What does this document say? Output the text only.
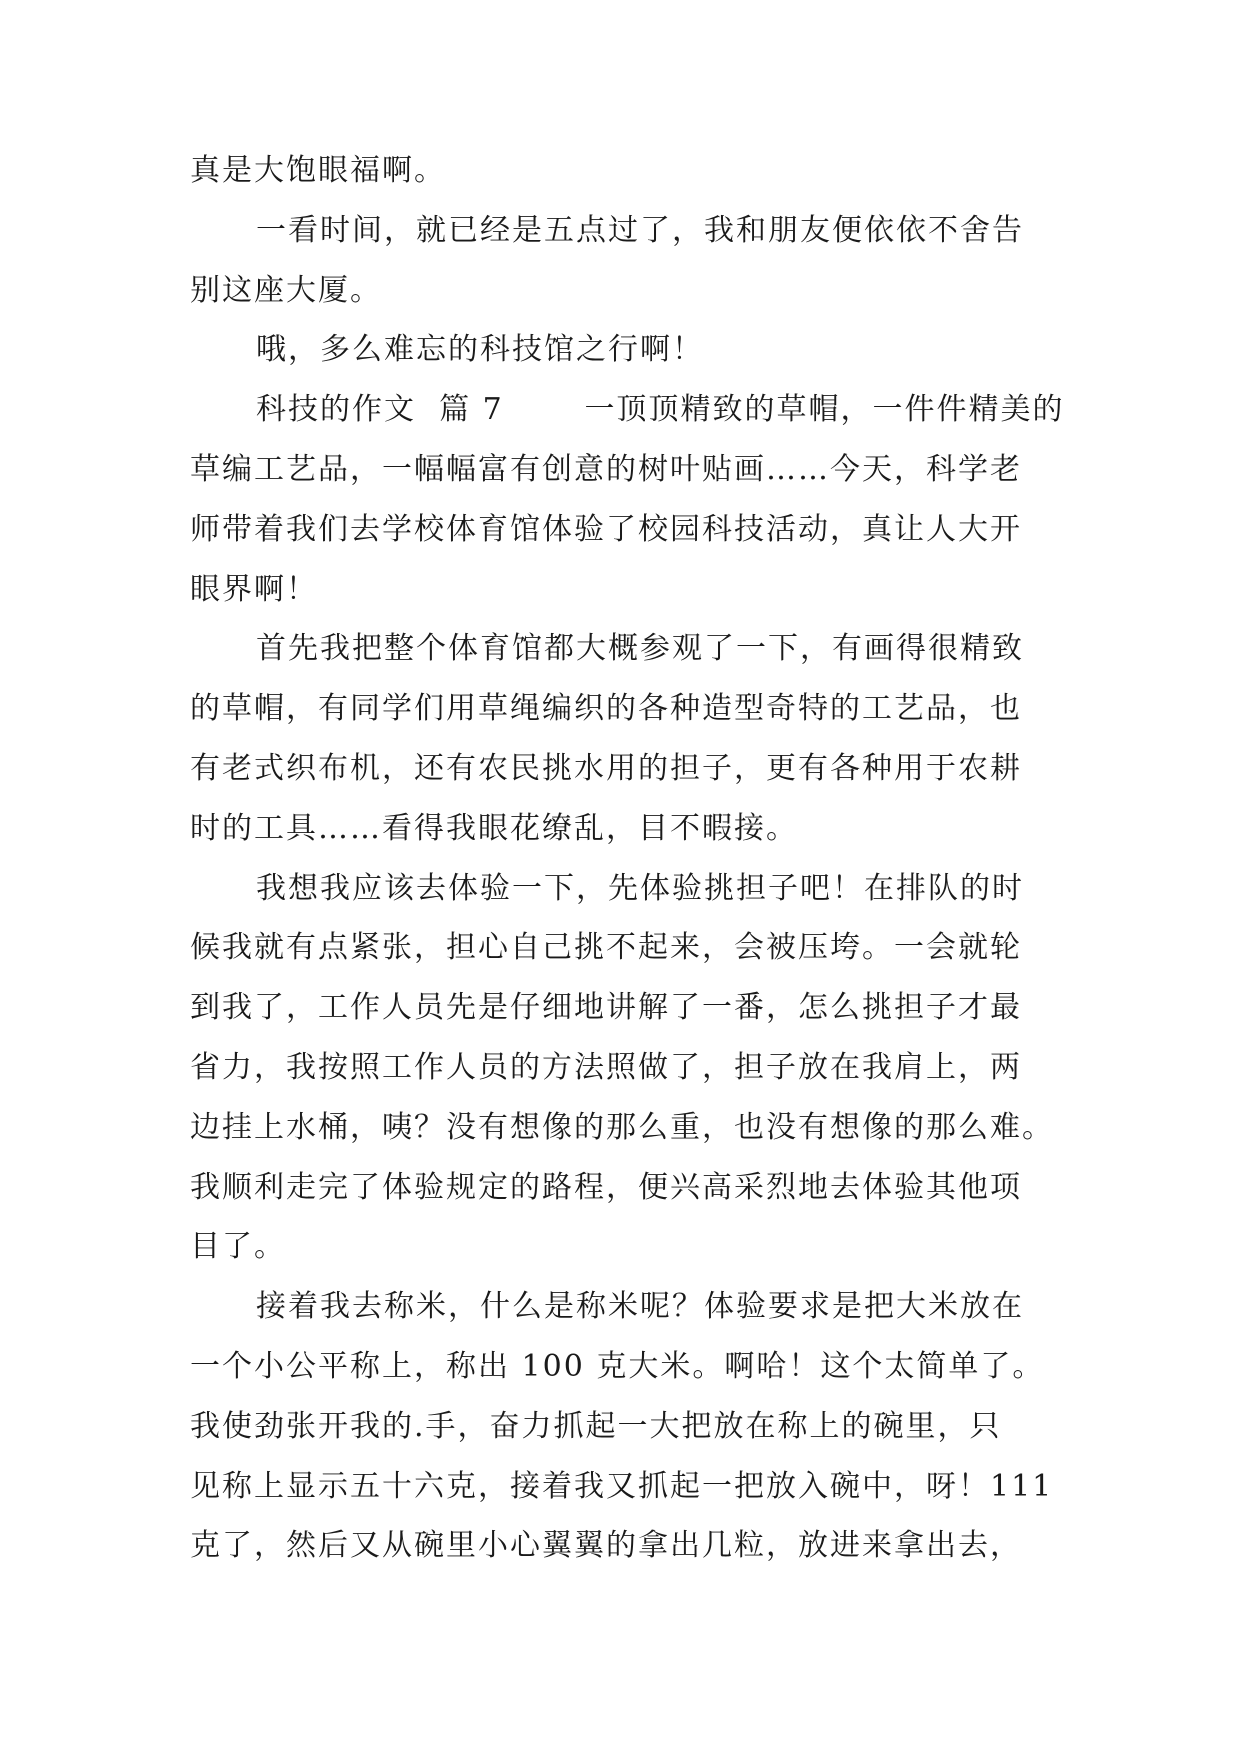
真是大饱眼福啊。
一看时间，就已经是五点过了，我和朋友便依依不舍告
别这座大厦。
哦，多么难忘的科技馆之行啊！
科技的作文  篇 7       一顶顶精致的草帽，一件件精美的
草编工艺品，一幅幅富有创意的树叶贴画……今天，科学老
师带着我们去学校体育馆体验了校园科技活动，真让人大开
眼界啊！
首先我把整个体育馆都大概参观了一下，有画得很精致
的草帽，有同学们用草绳编织的各种造型奇特的工艺品，也
有老式织布机，还有农民挑水用的担子，更有各种用于农耕
时的工具……看得我眼花缭乱，目不暇接。
我想我应该去体验一下，先体验挑担子吧！在排队的时
候我就有点紧张，担心自己挑不起来，会被压垮。一会就轮
到我了，工作人员先是仔细地讲解了一番，怎么挑担子才最
省力，我按照工作人员的方法照做了，担子放在我肩上，两
边挂上水桶，咦？没有想像的那么重，也没有想像的那么难。
我顺利走完了体验规定的路程，便兴高采烈地去体验其他项
目了。
接着我去称米，什么是称米呢？体验要求是把大米放在
一个小公平称上，称出 100 克大米。啊哈！这个太简单了。
我使劲张开我的.手，奋力抓起一大把放在称上的碗里，只
见称上显示五十六克，接着我又抓起一把放入碗中，呀！111
克了，然后又从碗里小心翼翼的拿出几粒，放进来拿出去，
